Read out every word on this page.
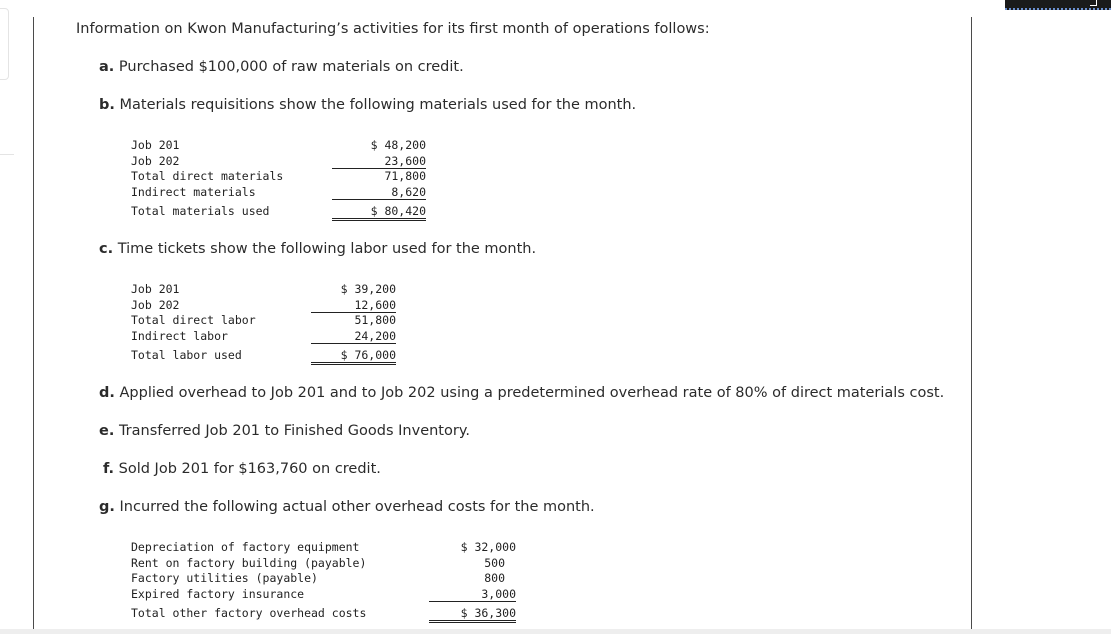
Information on Kwon Manufacturing’s activities for its first month of operations follows:
a. Purchased $100,000 of raw materials on credit.
b. Materials requisitions show the following materials used for the month.
Job 201	$ 48,200
Job 202	23,600
Total direct materials	71,800
Indirect materials	8,620
Total materials used	$ 80,420
c. Time tickets show the following labor used for the month.
Job 201	$ 39,200
Job 202	12,600
Total direct labor	51,800
Indirect labor	24,200
Total labor used	$ 76,000
d. Applied overhead to Job 201 and to Job 202 using a predetermined overhead rate of 80% of direct materials cost.
e. Transferred Job 201 to Finished Goods Inventory.
f. Sold Job 201 for $163,760 on credit.
g. Incurred the following actual other overhead costs for the month.
Depreciation of factory equipment	$ 32,000
Rent on factory building (payable)	500
Factory utilities (payable)	800
Expired factory insurance	3,000
Total other factory overhead costs	$ 36,300
